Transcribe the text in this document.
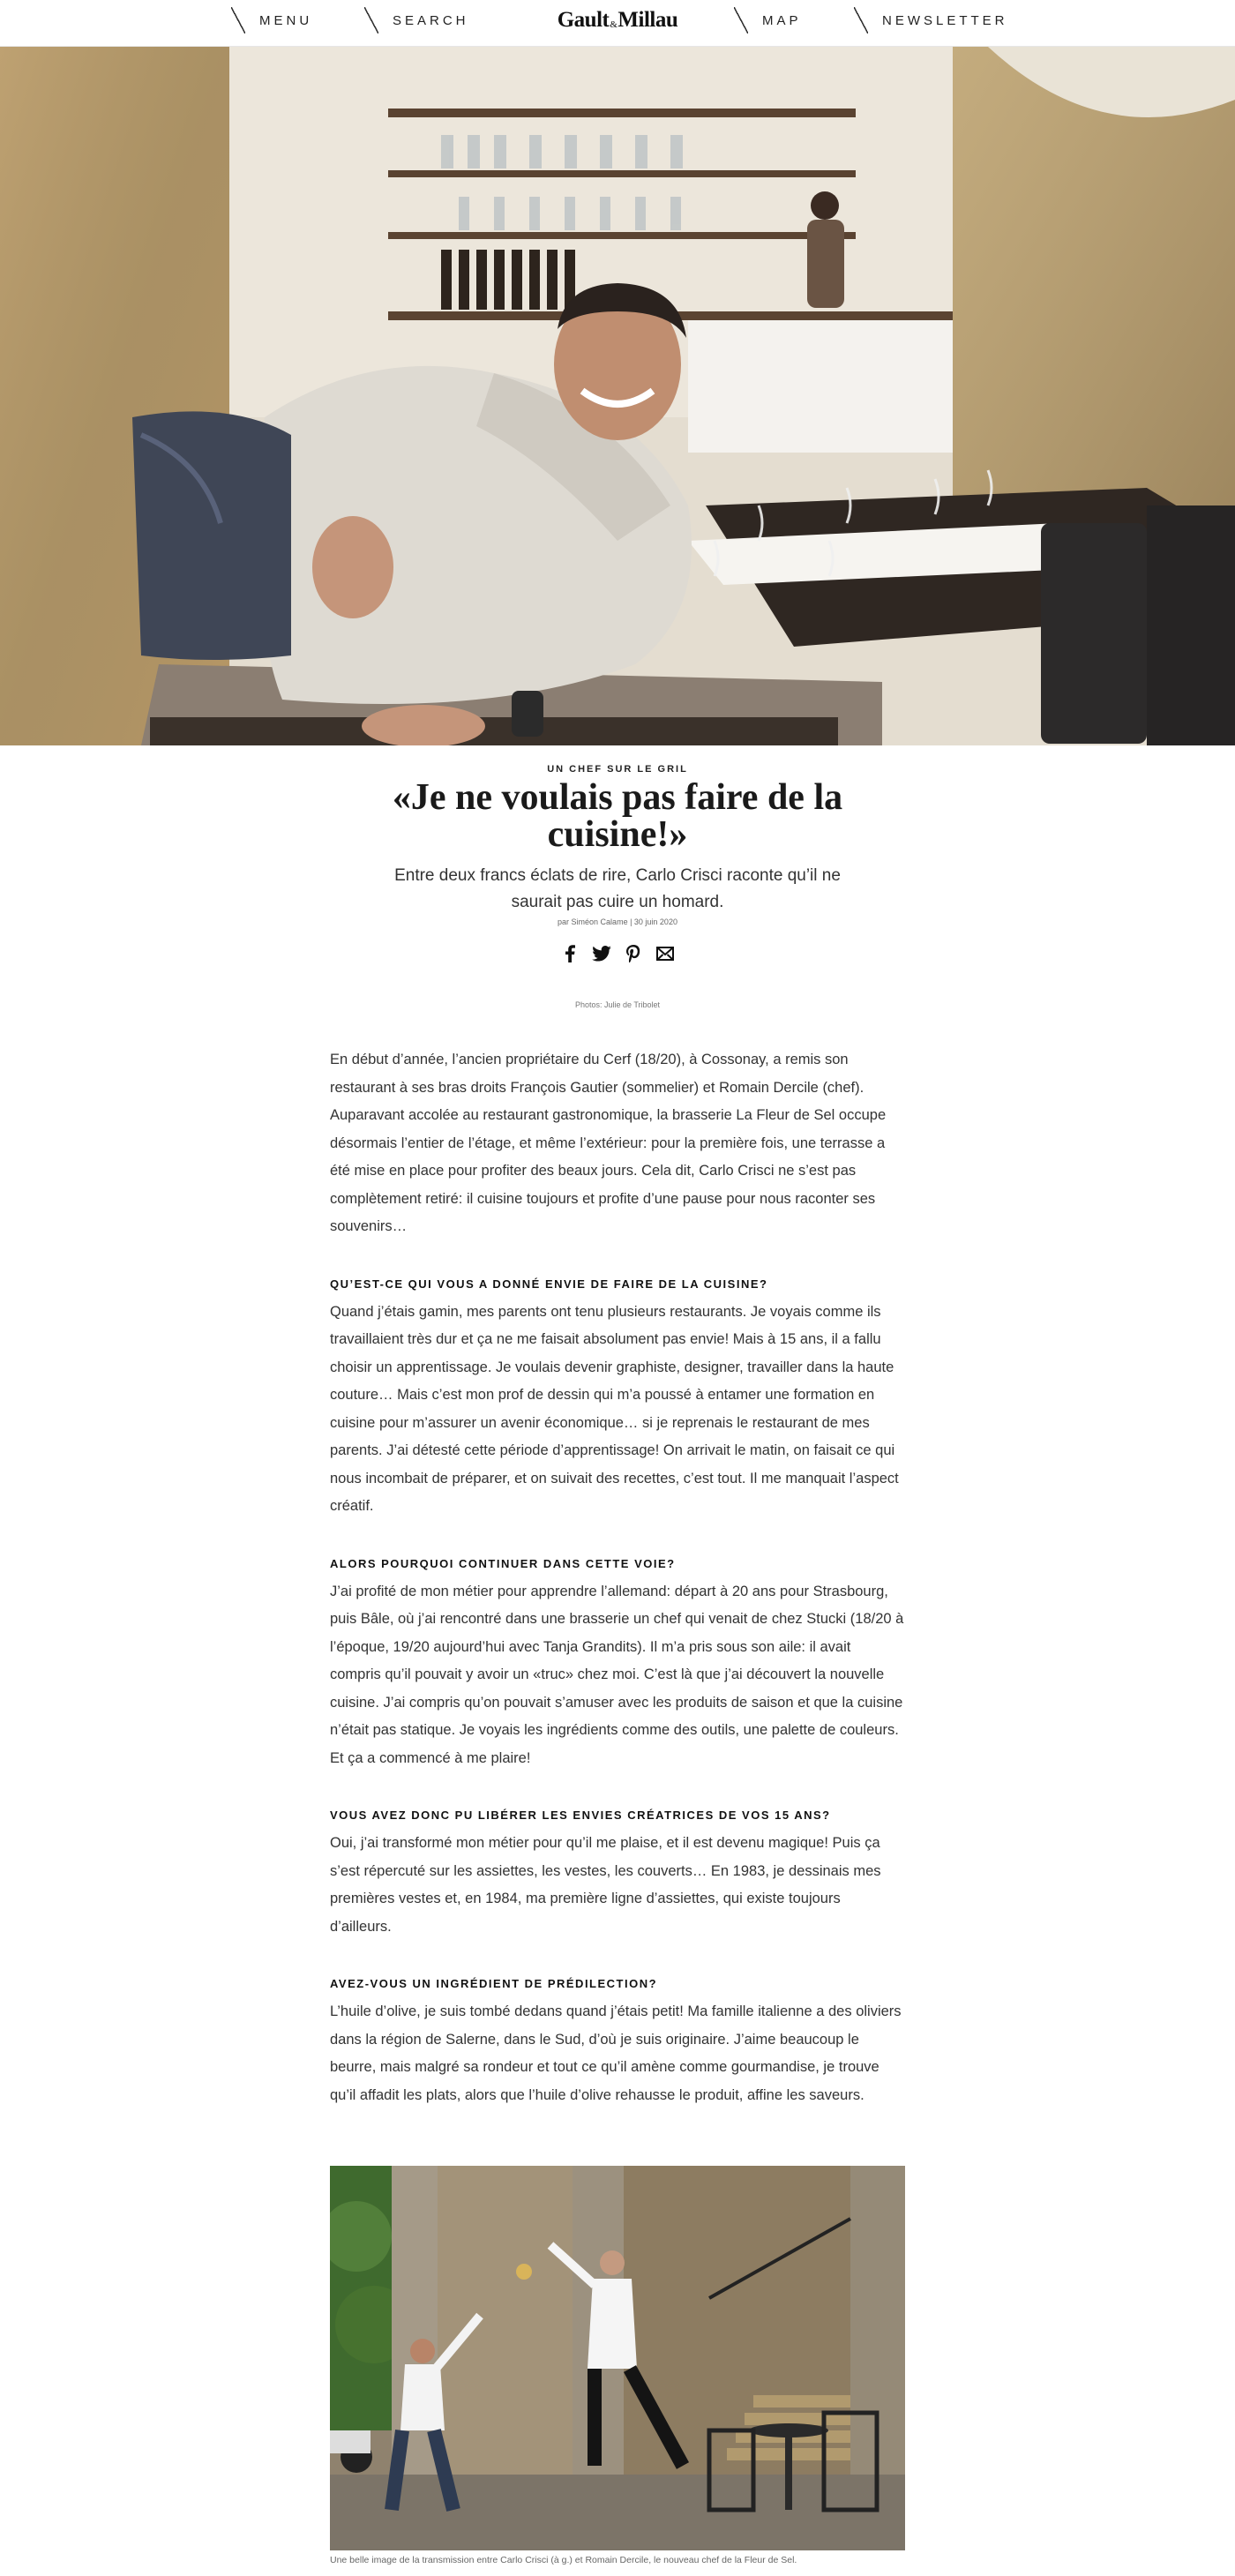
MENU	SEARCH	Gault & Millau	MAP	NEWSLETTER
UN CHEF SUR LE GRIL
«Je ne voulais pas faire de la cuisine!»

Entre deux francs éclats de rire, Carlo Crisci raconte qu’il ne saurait pas cuire un homard.

par Siméon Calame | 30 juin 2020
Photos: Julie de Tribolet

En début d’année, l’ancien propriétaire du Cerf (18/20), à Cossonay, a remis son restaurant à ses bras droits François Gautier (sommelier) et Romain Dercile (chef). Auparavant accolée au restaurant gastronomique, la brasserie La Fleur de Sel occupe désormais l’entier de l’étage, et même l’extérieur: pour la première fois, une terrasse a été mise en place pour profiter des beaux jours. Cela dit, Carlo Crisci ne s’est pas complètement retiré: il cuisine toujours et profite d’une pause pour nous raconter ses souvenirs…

QU’EST-CE QUI VOUS A DONNÉ ENVIE DE FAIRE DE LA CUISINE?

Quand j’étais gamin, mes parents ont tenu plusieurs restaurants. Je voyais comme ils travaillaient très dur et ça ne me faisait absolument pas envie! Mais à 15 ans, il a fallu choisir un apprentissage. Je voulais devenir graphiste, designer, travailler dans la haute couture… Mais c’est mon prof de dessin qui m’a poussé à entamer une formation en cuisine pour m’assurer un avenir économique… si je reprenais le restaurant de mes parents. J’ai détesté cette période d’apprentissage! On arrivait le matin, on faisait ce qui nous incombait de préparer, et on suivait des recettes, c’est tout. Il me manquait l’aspect créatif.

ALORS POURQUOI CONTINUER DANS CETTE VOIE?

J’ai profité de mon métier pour apprendre l’allemand: départ à 20 ans pour Strasbourg, puis Bâle, où j’ai rencontré dans une brasserie un chef qui venait de chez Stucki (18/20 à l’époque, 19/20 aujourd’hui avec Tanja Grandits). Il m’a pris sous son aile: il avait compris qu’il pouvait y avoir un «truc» chez moi. C’est là que j’ai découvert la nouvelle cuisine. J’ai compris qu’on pouvait s’amuser avec les produits de saison et que la cuisine n’était pas statique. Je voyais les ingrédients comme des outils, une palette de couleurs. Et ça a commencé à me plaire!

VOUS AVEZ DONC PU LIBÉRER LES ENVIES CRÉATRICES DE VOS 15 ANS?

Oui, j’ai transformé mon métier pour qu’il me plaise, et il est devenu magique! Puis ça s’est répercuté sur les assiettes, les vestes, les couverts… En 1983, je dessinais mes premières vestes et, en 1984, ma première ligne d’assiettes, qui existe toujours d’ailleurs.

AVEZ-VOUS UN INGRÉDIENT DE PRÉDILECTION?

L’huile d’olive, je suis tombé dedans quand j’étais petit! Ma famille italienne a des oliviers dans la région de Salerne, dans le Sud, d’où je suis originaire. J’aime beaucoup le beurre, mais malgré sa rondeur et tout ce qu’il amène comme gourmandise, je trouve qu’il affadit les plats, alors que l’huile d’olive rehausse le produit, affine les saveurs.

Une belle image de la transmission entre Carlo Crisci (à g.) et Romain Dercile, le nouveau chef de la Fleur de Sel.
